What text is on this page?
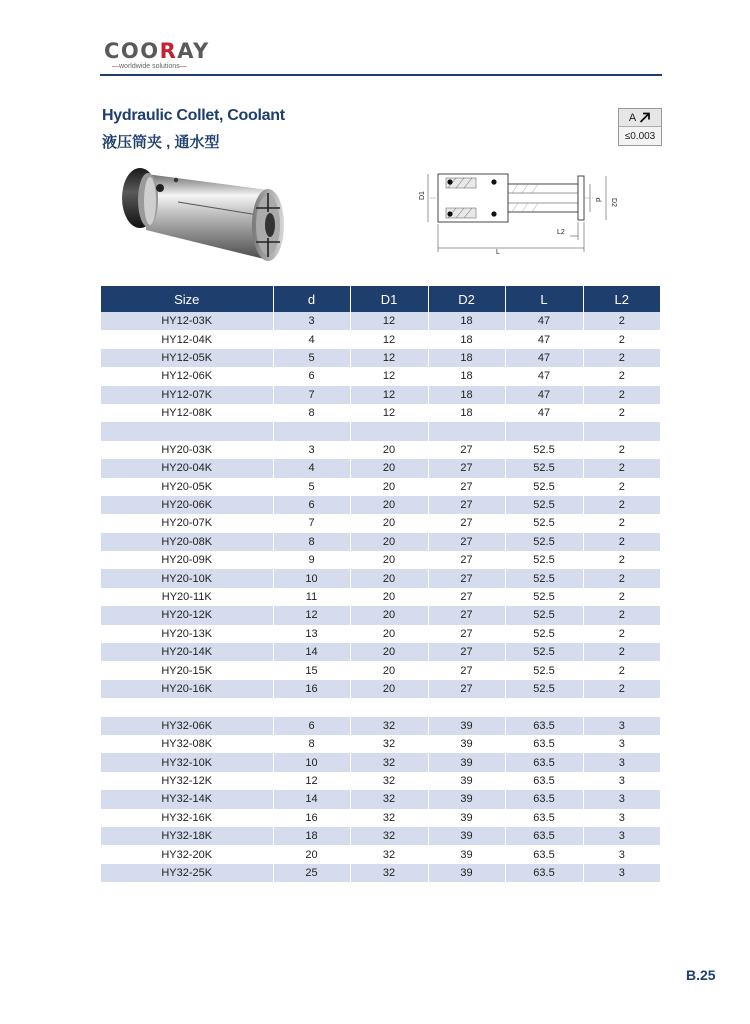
COORAY
—worldwide solutions—
Hydraulic Collet, Coolant
液压筒夹 , 通水型
A
≤0.003
D1	d D2
L
L2
Size	d	D1	D2	L	L2
HY12-03K	3	12	18	47	2
HY12-04K	4	12	18	47	2
HY12-05K	5	12	18	47	2
HY12-06K	6	12	18	47	2
HY12-07K	7	12	18	47	2
HY12-08K	8	12	18	47	2

HY20-03K	3	20	27	52.5	2
HY20-04K	4	20	27	52.5	2
HY20-05K	5	20	27	52.5	2
HY20-06K	6	20	27	52.5	2
HY20-07K	7	20	27	52.5	2
HY20-08K	8	20	27	52.5	2
HY20-09K	9	20	27	52.5	2
HY20-10K	10	20	27	52.5	2
HY20-11K	11	20	27	52.5	2
HY20-12K	12	20	27	52.5	2
HY20-13K	13	20	27	52.5	2
HY20-14K	14	20	27	52.5	2
HY20-15K	15	20	27	52.5	2
HY20-16K	16	20	27	52.5	2

HY32-06K	6	32	39	63.5	3
HY32-08K	8	32	39	63.5	3
HY32-10K	10	32	39	63.5	3
HY32-12K	12	32	39	63.5	3
HY32-14K	14	32	39	63.5	3
HY32-16K	16	32	39	63.5	3
HY32-18K	18	32	39	63.5	3
HY32-20K	20	32	39	63.5	3
HY32-25K	25	32	39	63.5	3
B.25
